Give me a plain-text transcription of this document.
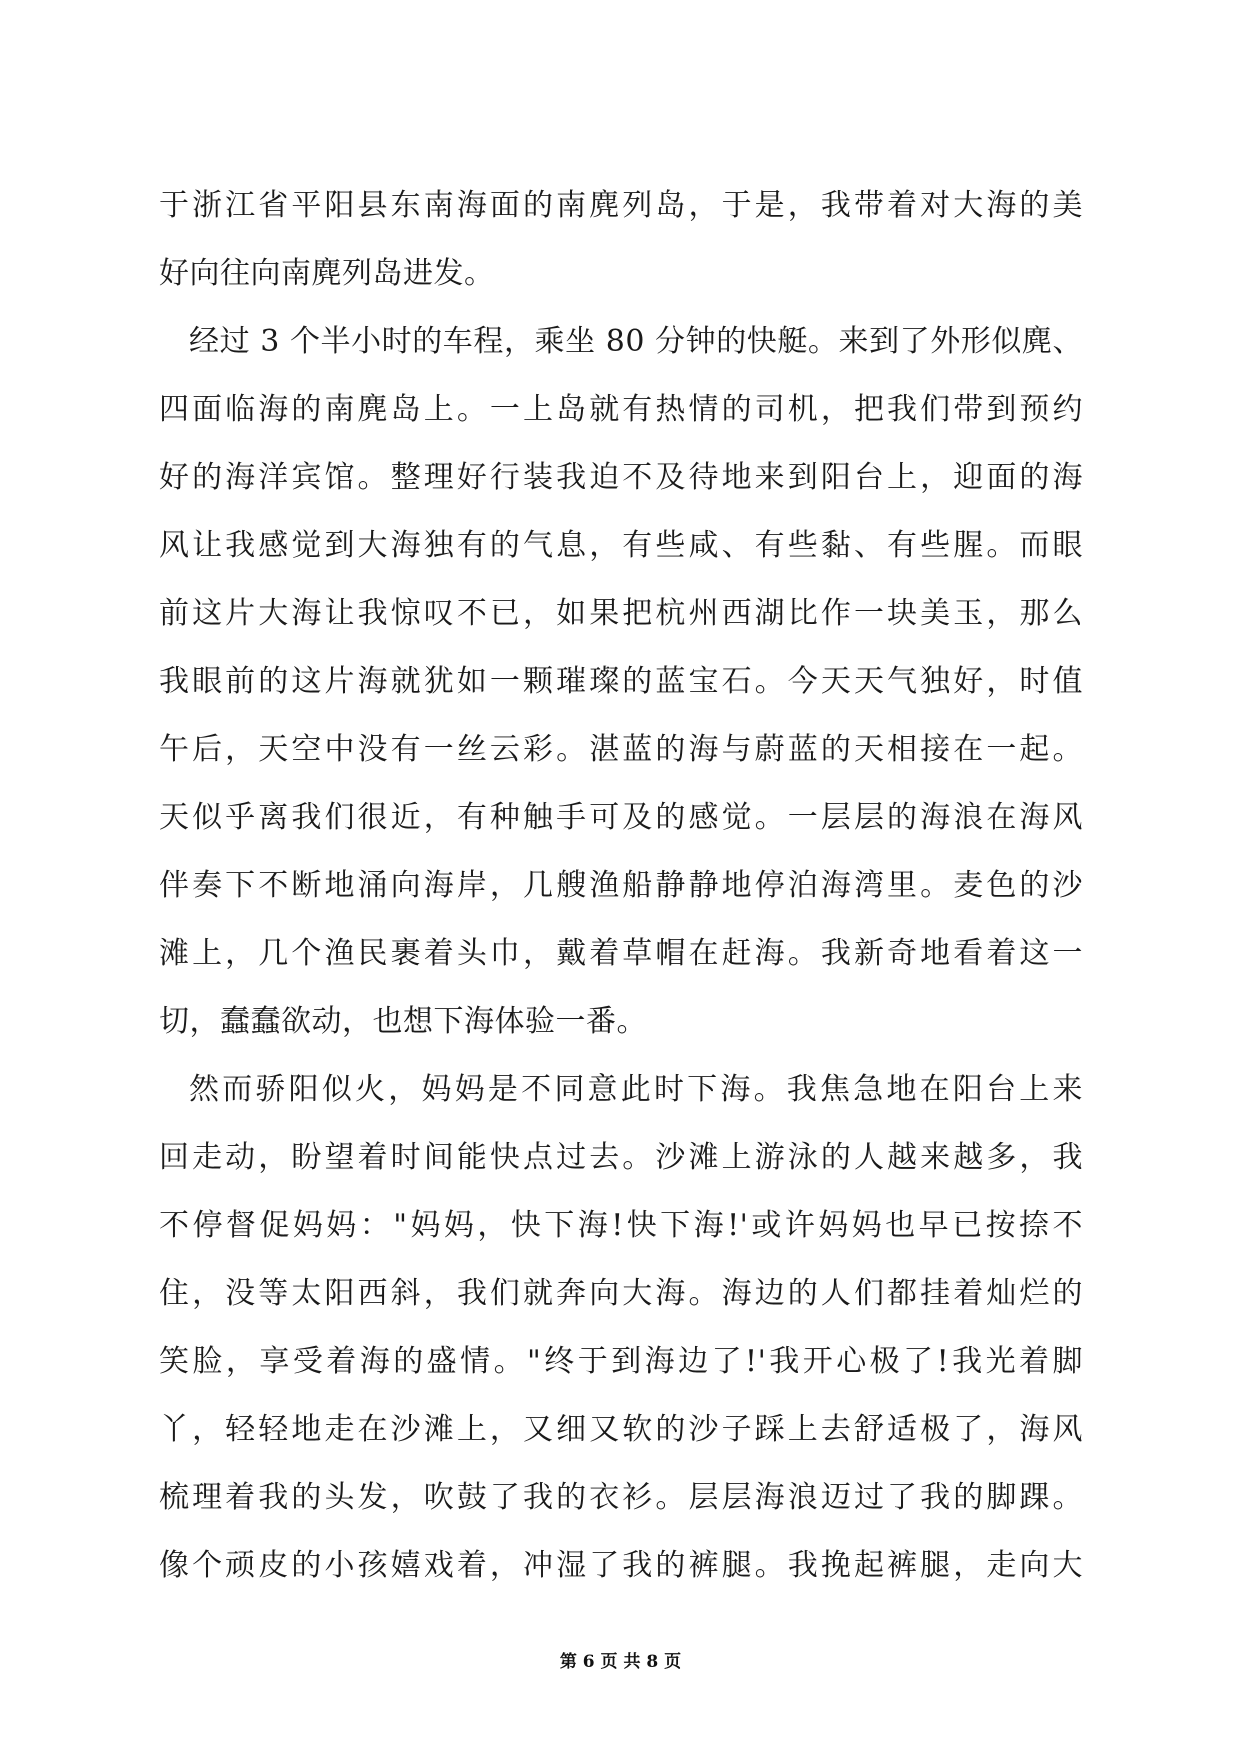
于浙江省平阳县东南海面的南麂列岛，于是，我带着对大海的美
好向往向南麂列岛进发。
经过 3 个半小时的车程，乘坐 80 分钟的快艇。来到了外形似麂、
四面临海的南麂岛上。一上岛就有热情的司机，把我们带到预约
好的海洋宾馆。整理好行装我迫不及待地来到阳台上，迎面的海
风让我感觉到大海独有的气息，有些咸、有些黏、有些腥。而眼
前这片大海让我惊叹不已，如果把杭州西湖比作一块美玉，那么
我眼前的这片海就犹如一颗璀璨的蓝宝石。今天天气独好，时值
午后，天空中没有一丝云彩。湛蓝的海与蔚蓝的天相接在一起。
天似乎离我们很近，有种触手可及的感觉。一层层的海浪在海风
伴奏下不断地涌向海岸，几艘渔船静静地停泊海湾里。麦色的沙
滩上，几个渔民裹着头巾，戴着草帽在赶海。我新奇地看着这一
切，蠢蠢欲动，也想下海体验一番。
然而骄阳似火，妈妈是不同意此时下海。我焦急地在阳台上来
回走动，盼望着时间能快点过去。沙滩上游泳的人越来越多，我
不停督促妈妈："妈妈，快下海!快下海!'或许妈妈也早已按捺不
住，没等太阳西斜，我们就奔向大海。海边的人们都挂着灿烂的
笑脸，享受着海的盛情。"终于到海边了!'我开心极了!我光着脚
丫，轻轻地走在沙滩上，又细又软的沙子踩上去舒适极了，海风
梳理着我的头发，吹鼓了我的衣衫。层层海浪迈过了我的脚踝。
像个顽皮的小孩嬉戏着，冲湿了我的裤腿。我挽起裤腿，走向大
第 6 页 共 8 页
